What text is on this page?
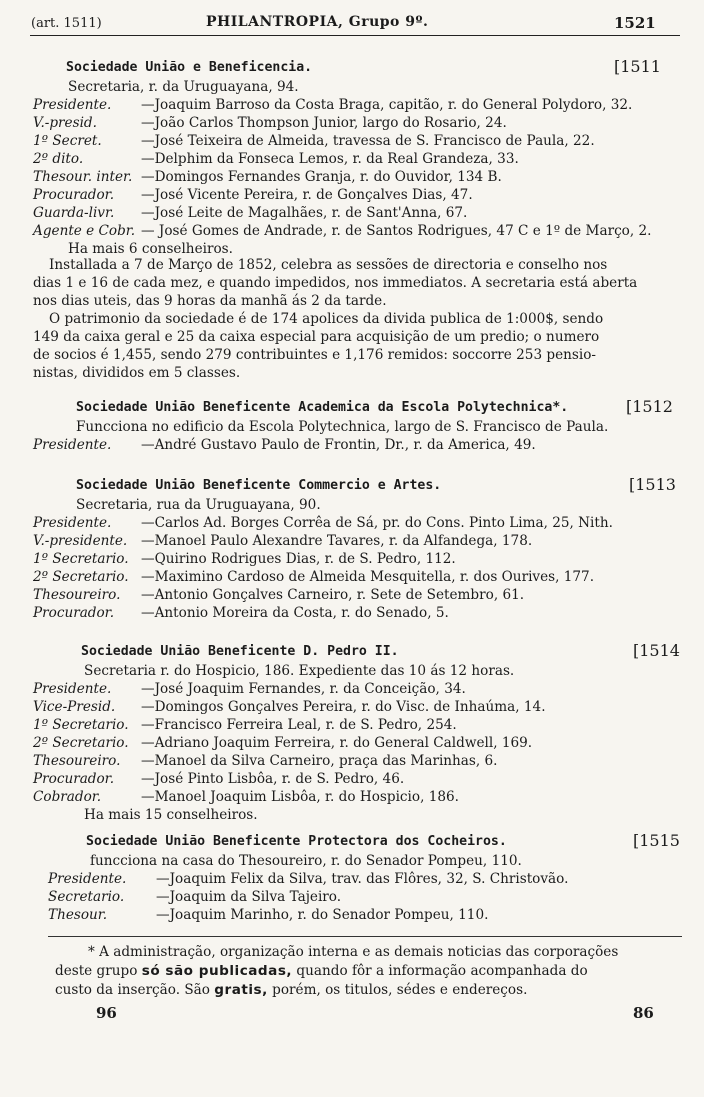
(art. 1511)	PHILANTROPIA, Grupo 9º.	1521
Sociedade União e Beneficencia.	[1511
Secretaria, r. da Uruguayana, 94.
Presidente. —Joaquim Barroso da Costa Braga, capitão, r. do General Polydoro, 32.
V.-presid.	—João Carlos Thompson Junior, largo do Rosario, 24.
1º Secret.	—José Teixeira de Almeida, travessa de S. Francisco de Paula, 22.
2º dito.	—Delphim da Fonseca Lemos, r. da Real Grandeza, 33.
Thesour. inter. —Domingos Fernandes Granja, r. do Ouvidor, 134 B.
Procurador. —José Vicente Pereira, r. de Gonçalves Dias, 47.
Guarda-livr. —José Leite de Magalhães, r. de Sant'Anna, 67.
Agente e Cobr. — José Gomes de Andrade, r. de Santos Rodrigues, 47 C e 1º de Março, 2.
Ha mais 6 conselheiros.
Installada a 7 de Março de 1852, celebra as sessões de directoria e conselho nos
dias 1 e 16 de cada mez, e quando impedidos, nos immediatos. A secretaria está aberta
nos dias uteis, das 9 horas da manhã ás 2 da tarde.
O patrimonio da sociedade é de 174 apolices da divida publica de 1:000$, sendo
149 da caixa geral e 25 da caixa especial para acquisição de um predio; o numero
de socios é 1,455, sendo 279 contribuintes e 1,176 remidos: soccorre 253 pensio-
nistas, divididos em 5 classes.
Sociedade União Beneficente Academica da Escola Polytechnica*.	[1512
Funcciona no edificio da Escola Polytechnica, largo de S. Francisco de Paula.
Presidente. —André Gustavo Paulo de Frontin, Dr., r. da America, 49.
Sociedade União Beneficente Commercio e Artes.	[1513
Secretaria, rua da Uruguayana, 90.
Presidente. —Carlos Ad. Borges Corrêa de Sá, pr. do Cons. Pinto Lima, 25, Nith.
V.-presidente. —Manoel Paulo Alexandre Tavares, r. da Alfandega, 178.
1º Secretario. —Quirino Rodrigues Dias, r. de S. Pedro, 112.
2º Secretario. —Maximino Cardoso de Almeida Mesquitella, r. dos Ourives, 177.
Thesoureiro. —Antonio Gonçalves Carneiro, r. Sete de Setembro, 61.
Procurador. —Antonio Moreira da Costa, r. do Senado, 5.
Sociedade União Beneficente D. Pedro II.	[1514
Secretaria r. do Hospicio, 186. Expediente das 10 ás 12 horas.
Presidente. —José Joaquim Fernandes, r. da Conceição, 34.
Vice-Presid. —Domingos Gonçalves Pereira, r. do Visc. de Inhaúma, 14.
1º Secretario. —Francisco Ferreira Leal, r. de S. Pedro, 254.
2º Secretario. —Adriano Joaquim Ferreira, r. do General Caldwell, 169.
Thesoureiro. —Manoel da Silva Carneiro, praça das Marinhas, 6.
Procurador. —José Pinto Lisbôa, r. de S. Pedro, 46.
Cobrador.	—Manoel Joaquim Lisbôa, r. do Hospicio, 186.
Ha mais 15 conselheiros.
Sociedade União Beneficente Protectora dos Cocheiros.	[1515
funcciona na casa do Thesoureiro, r. do Senador Pompeu, 110.
Presidente. —Joaquim Felix da Silva, trav. das Flôres, 32, S. Christovão.
Secretario. —Joaquim da Silva Tajeiro.
Thesour.	—Joaquim Marinho, r. do Senador Pompeu, 110.
* A administração, organização interna e as demais noticias das corporações
deste grupo só são publicadas, quando fôr a informação acompanhada do
custo da inserção. São gratis, porém, os titulos, sédes e endereços.
96	86
